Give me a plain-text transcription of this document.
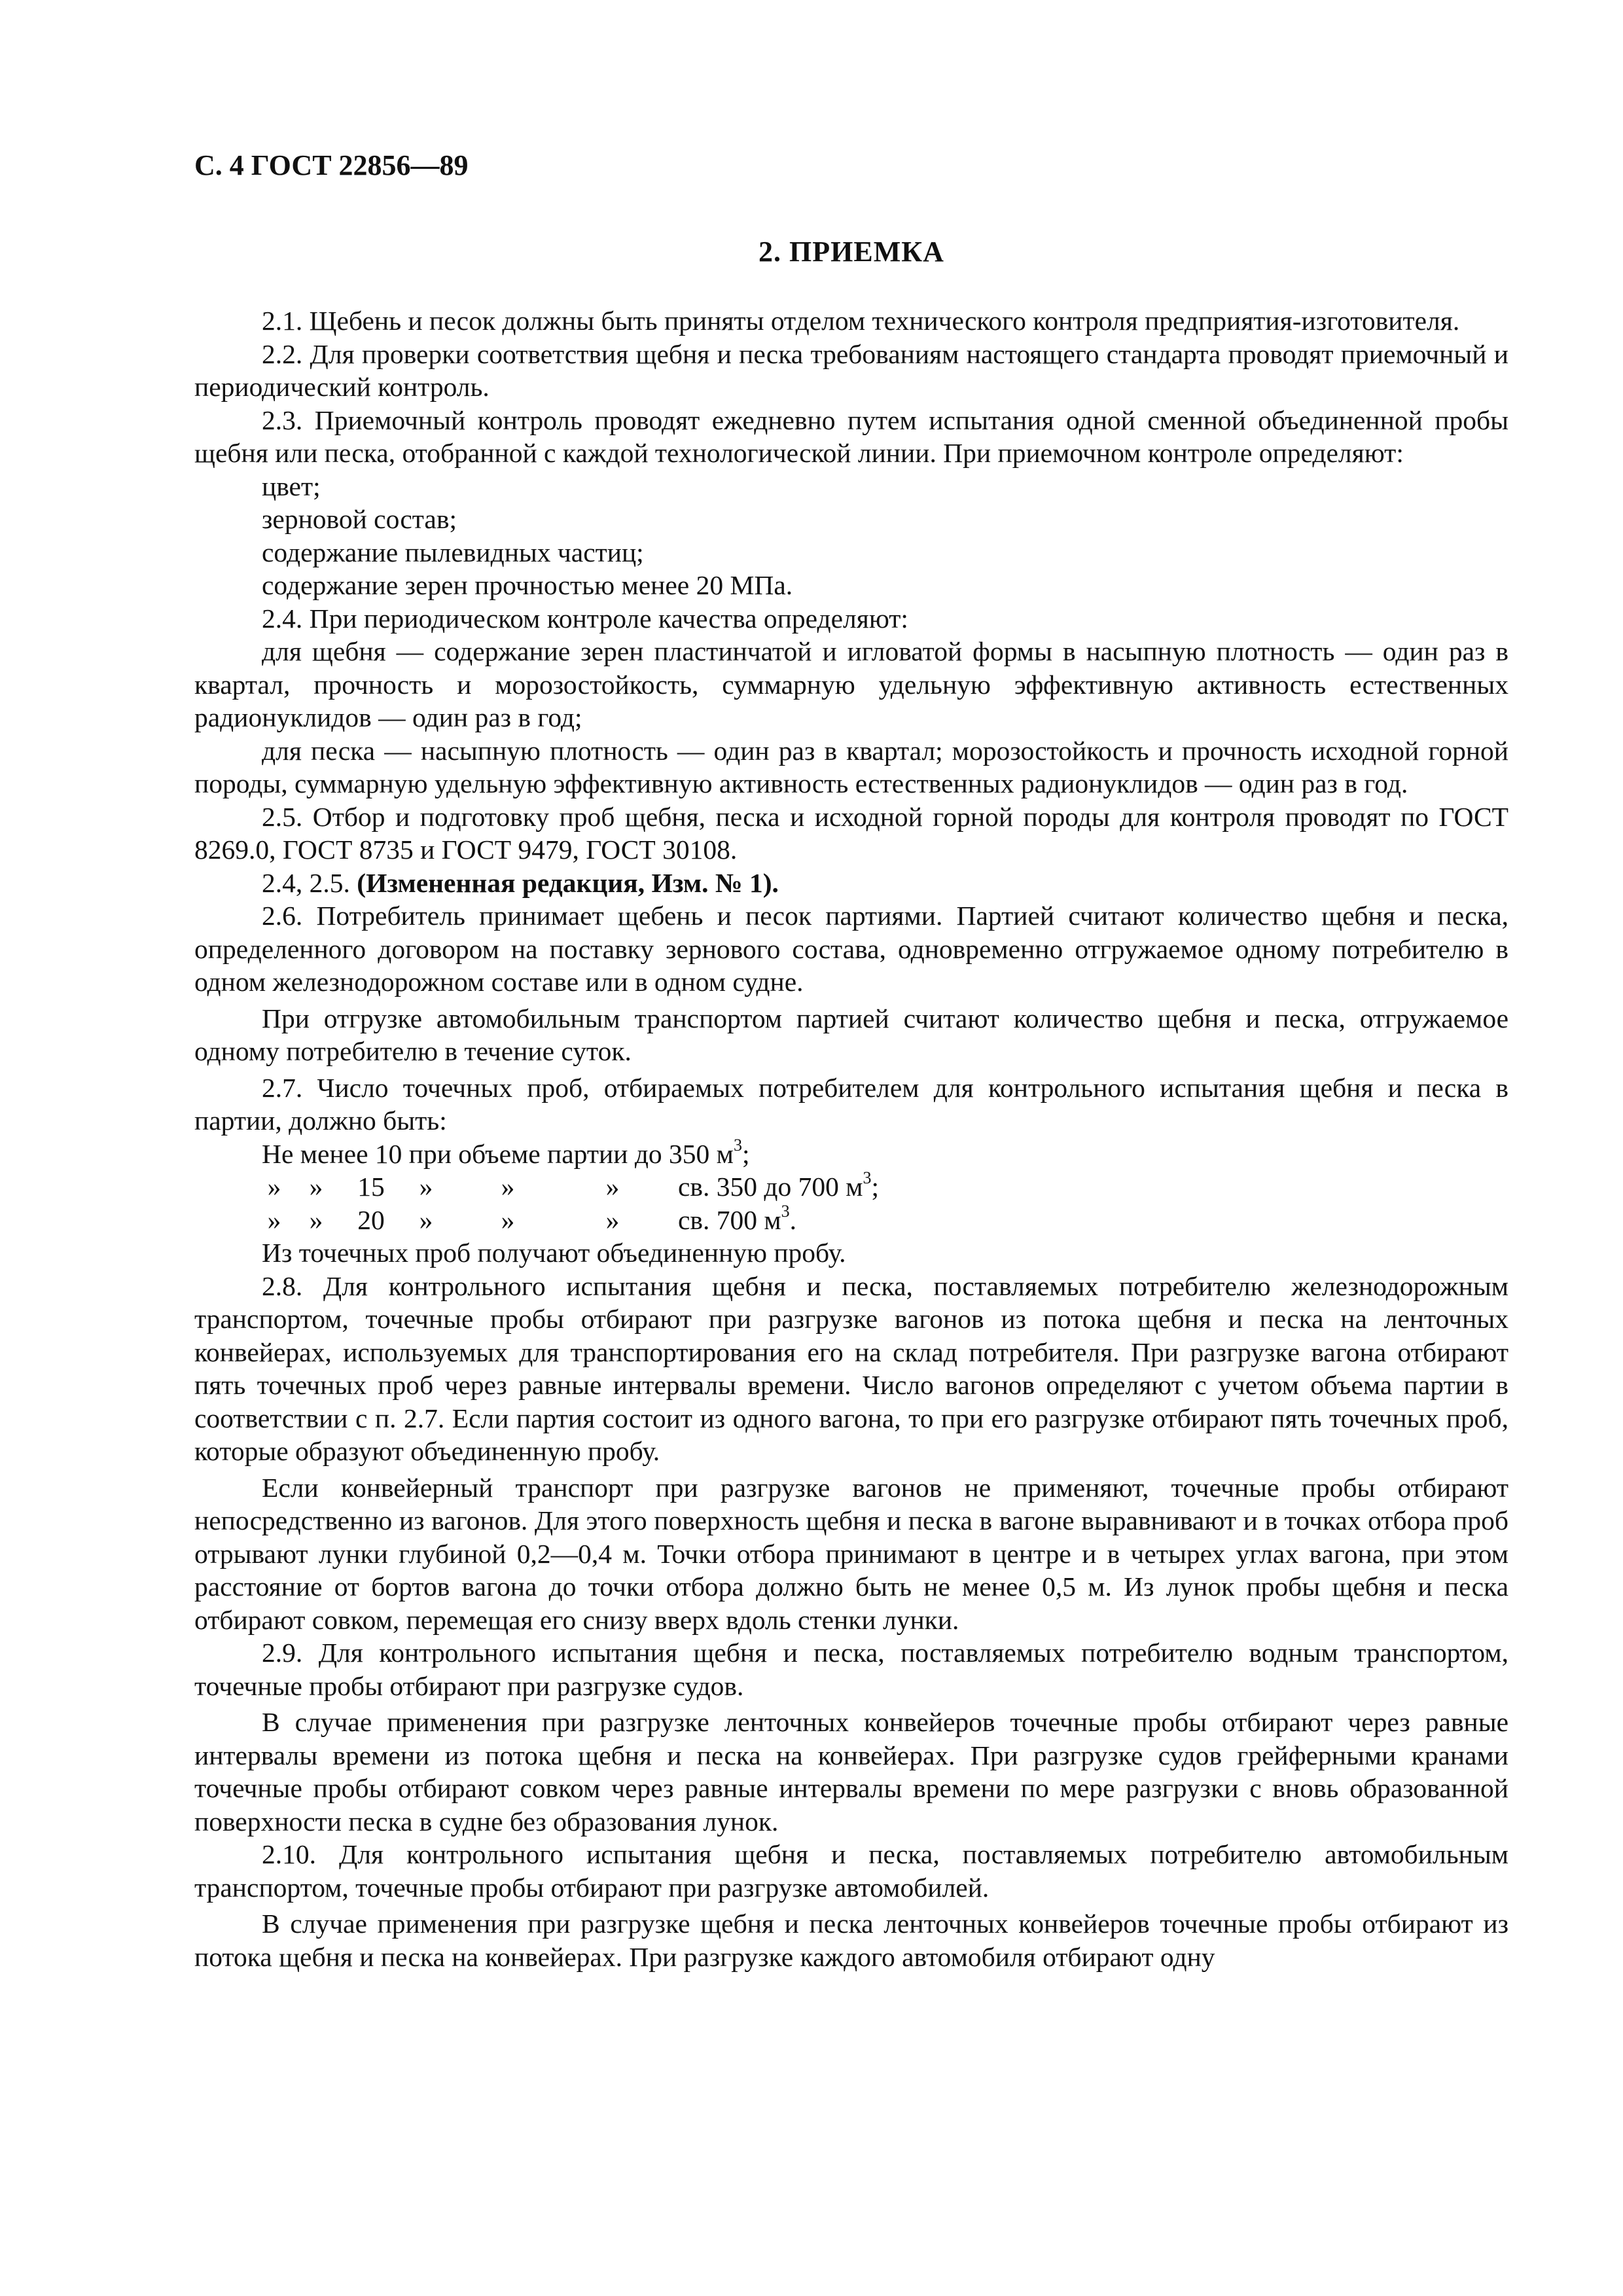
С. 4 ГОСТ 22856—89
2. ПРИЕМКА

2.1. Щебень и песок должны быть приняты отделом технического контроля предприятия-изготовителя.

2.2. Для проверки соответствия щебня и песка требованиям настоящего стандарта проводят приемочный и периодический контроль.

2.3. Приемочный контроль проводят ежедневно путем испытания одной сменной объединенной пробы щебня или песка, отобранной с каждой технологической линии. При приемочном контроле определяют:

цвет;

зерновой состав;

содержание пылевидных частиц;

содержание зерен прочностью менее 20 МПа.

2.4. При периодическом контроле качества определяют:

для щебня — содержание зерен пластинчатой и игловатой формы в насыпную плотность — один раз в квартал, прочность и морозостойкость, суммарную удельную эффективную активность естественных радионуклидов — один раз в год;

для песка — насыпную плотность — один раз в квартал; морозостойкость и прочность исходной горной породы, суммарную удельную эффективную активность естественных радионуклидов — один раз в год.

2.5. Отбор и подготовку проб щебня, песка и исходной горной породы для контроля проводят по ГОСТ 8269.0, ГОСТ 8735 и ГОСТ 9479, ГОСТ 30108.

2.4, 2.5. (Измененная редакция, Изм. № 1).

2.6. Потребитель принимает щебень и песок партиями. Партией считают количество щебня и песка, определенного договором на поставку зернового состава, одновременно отгружаемое одному потребителю в одном железнодорожном составе или в одном судне.

При отгрузке автомобильным транспортом партией считают количество щебня и песка, отгружаемое одному потребителю в течение суток.

2.7. Число точечных проб, отбираемых потребителем для контрольного испытания щебня и песка в партии, должно быть:

Не менее 10 при объеме партии до 350 $м^3$;
»	»	15	»	»	»	св. 350 до 700 $м^3$;
»	»	20	»	»	»	св. 700 $м^3$.
Из точечных проб получают объединенную пробу.

2.8. Для контрольного испытания щебня и песка, поставляемых потребителю железнодорожным транспортом, точечные пробы отбирают при разгрузке вагонов из потока щебня и песка на ленточных конвейерах, используемых для транспортирования его на склад потребителя. При разгрузке вагона отбирают пять точечных проб через равные интервалы времени. Число вагонов определяют с учетом объема партии в соответствии с п. 2.7. Если партия состоит из одного вагона, то при его разгрузке отбирают пять точечных проб, которые образуют объединенную пробу.

Если конвейерный транспорт при разгрузке вагонов не применяют, точечные пробы отбирают непосредственно из вагонов. Для этого поверхность щебня и песка в вагоне выравнивают и в точках отбора проб отрывают лунки глубиной 0,2—0,4 м. Точки отбора принимают в центре и в четырех углах вагона, при этом расстояние от бортов вагона до точки отбора должно быть не менее 0,5 м. Из лунок пробы щебня и песка отбирают совком, перемещая его снизу вверх вдоль стенки лунки.

2.9. Для контрольного испытания щебня и песка, поставляемых потребителю водным транспортом, точечные пробы отбирают при разгрузке судов.

В случае применения при разгрузке ленточных конвейеров точечные пробы отбирают через равные интервалы времени из потока щебня и песка на конвейерах. При разгрузке судов грейферными кранами точечные пробы отбирают совком через равные интервалы времени по мере разгрузки с вновь образованной поверхности песка в судне без образования лунок.

2.10. Для контрольного испытания щебня и песка, поставляемых потребителю автомобильным транспортом, точечные пробы отбирают при разгрузке автомобилей.

В случае применения при разгрузке щебня и песка ленточных конвейеров точечные пробы отбирают из потока щебня и песка на конвейерах. При разгрузке каждого автомобиля отбирают одну
